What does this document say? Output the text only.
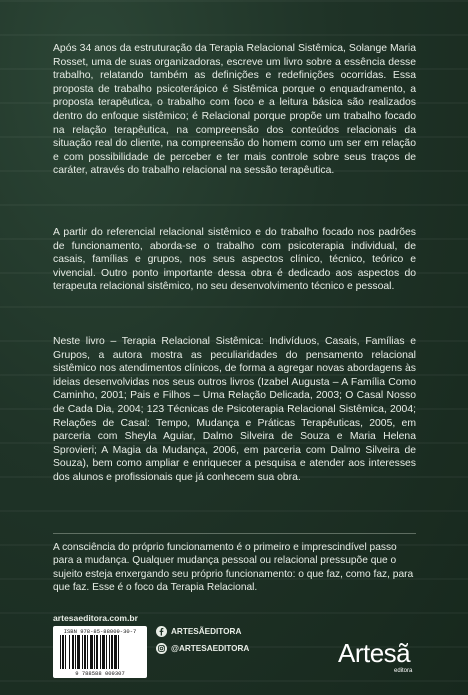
Após 34 anos da estruturação da Terapia Relacional Sistêmica, Solange Maria Rosset, uma de suas organizadoras, escreve um livro sobre a essência desse trabalho, relatando também as definições e redefinições ocorridas. Essa proposta de trabalho psicoterápico é Sistêmica porque o enquadramento, a proposta terapêutica, o trabalho com foco e a leitura básica são realizados dentro do enfoque sistêmico; é Relacional porque propõe um trabalho focado na relação terapêutica, na compreensão dos conteúdos relacionais da situação real do cliente, na compreensão do homem como um ser em relação e com possibilidade de perceber e ter mais controle sobre seus traços de caráter, através do trabalho relacional na sessão terapêutica.

A partir do referencial relacional sistêmico e do trabalho focado nos padrões de funcionamento, aborda-se o trabalho com psicoterapia individual, de casais, famílias e grupos, nos seus aspectos clínico, técnico, teórico e vivencial. Outro ponto importante dessa obra é dedicado aos aspectos do terapeuta relacional sistêmico, no seu desenvolvimento técnico e pessoal.

Neste livro – Terapia Relacional Sistêmica: Indivíduos, Casais, Famílias e Grupos, a autora mostra as peculiaridades do pensamento relacional sistêmico nos atendimentos clínicos, de forma a agregar novas abordagens às ideias desenvolvidas nos seus outros livros (Izabel Augusta – A Família Como Caminho, 2001; Pais e Filhos – Uma Relação Delicada, 2003; O Casal Nosso de Cada Dia, 2004; 123 Técnicas de Psicoterapia Relacional Sistêmica, 2004; Relações de Casal: Tempo, Mudança e Práticas Terapêuticas, 2005, em parceria com Sheyla Aguiar, Dalmo Silveira de Souza e Maria Helena Sprovieri; A Magia da Mudança, 2006, em parceria com Dalmo Silveira de Souza), bem como ampliar e enriquecer a pesquisa e atender aos interesses dos alunos e profissionais que já conhecem sua obra.

A consciência do próprio funcionamento é o primeiro e imprescindível passo para a mudança. Qualquer mudança pessoal ou relacional pressupõe que o sujeito esteja enxergando seu próprio funcionamento: o que faz, como faz, para que faz. Esse é o foco da Terapia Relacional.

artesaeditora.com.br
ISBN 978-85-88009-30-7
9 788588 009307
ARTESÃEDITORA
@ARTESAEDITORA	Artesã
editora
